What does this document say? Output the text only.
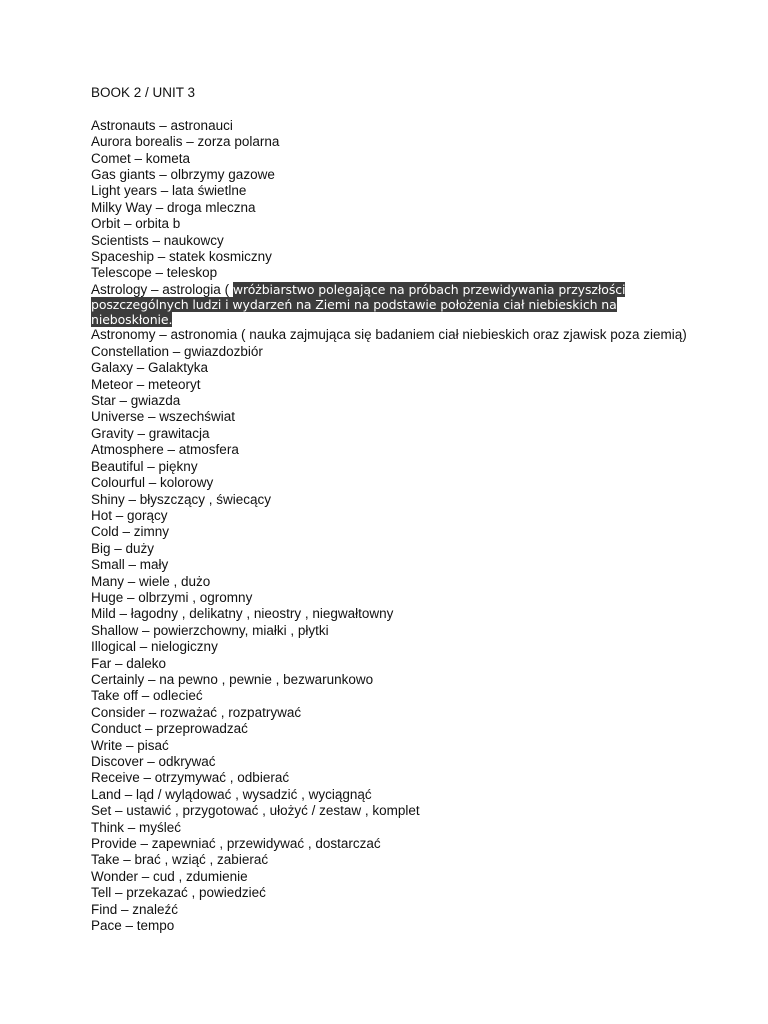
BOOK 2 / UNIT 3
Astronauts – astronauci
Aurora borealis – zorza polarna
Comet – kometa
Gas giants – olbrzymy gazowe
Light years – lata świetlne
Milky Way – droga mleczna
Orbit – orbita b
Scientists – naukowcy
Spaceship – statek kosmiczny
Telescope – teleskop
Astrology – astrologia ( wróżbiarstwo polegające na próbach przewidywania przyszłości poszczególnych ludzi i wydarzeń na Ziemi na podstawie położenia ciał niebieskich na nieboskłonie.
Astronomy – astronomia ( nauka zajmująca się badaniem ciał niebieskich oraz zjawisk poza ziemią)
Constellation – gwiazdozbiór
Galaxy – Galaktyka
Meteor – meteoryt
Star – gwiazda
Universe – wszechświat
Gravity – grawitacja
Atmosphere – atmosfera
Beautiful – piękny
Colourful – kolorowy
Shiny – błyszczący , świecący
Hot – gorący
Cold – zimny
Big – duży
Small – mały
Many – wiele , dużo
Huge – olbrzymi , ogromny
Mild – łagodny , delikatny , nieostry , niegwałtowny
Shallow – powierzchowny, miałki , płytki
Illogical – nielogiczny
Far – daleko
Certainly – na pewno , pewnie , bezwarunkowo
Take off – odlecieć
Consider – rozważać , rozpatrywać
Conduct – przeprowadzać
Write – pisać
Discover – odkrywać
Receive – otrzymywać , odbierać
Land – ląd / wylądować , wysadzić , wyciągnąć
Set – ustawić , przygotować , ułożyć / zestaw , komplet
Think – myśleć
Provide – zapewniać , przewidywać , dostarczać
Take – brać , wziąć , zabierać
Wonder – cud , zdumienie
Tell – przekazać , powiedzieć
Find – znaleźć
Pace – tempo
